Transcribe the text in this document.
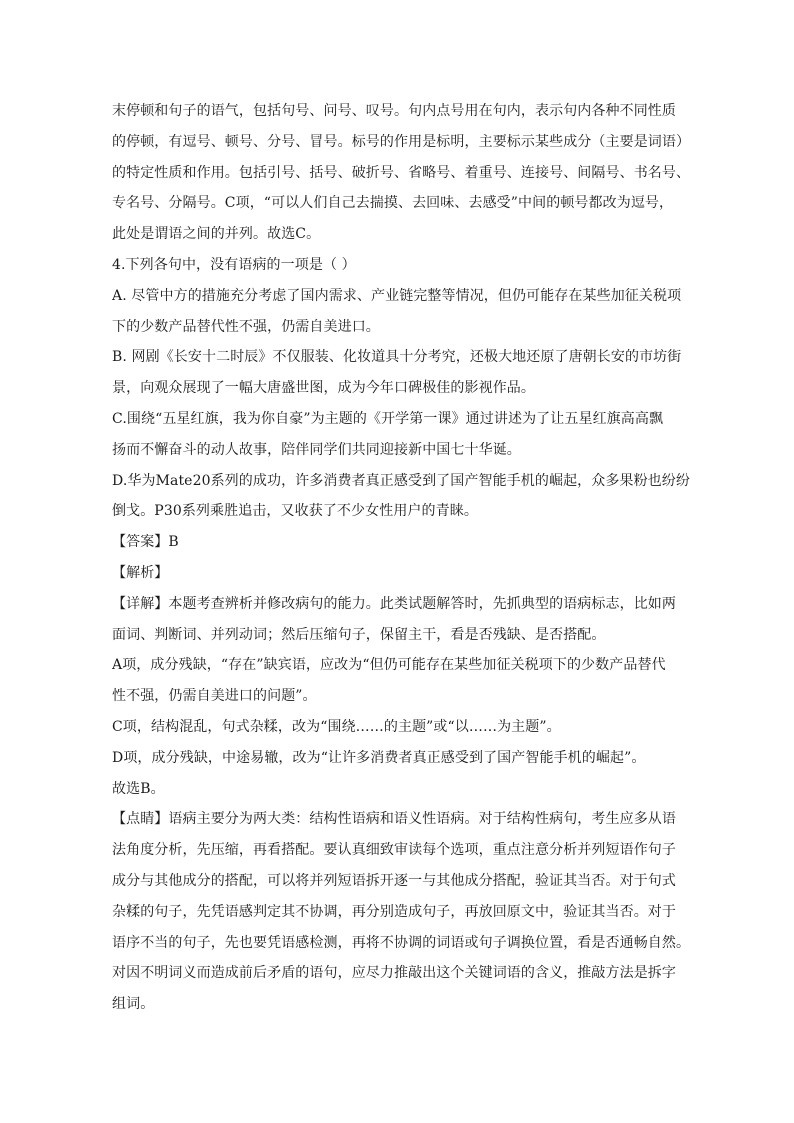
末停顿和句子的语气，包括句号、问号、叹号。句内点号用在句内，表示句内各种不同性质

的停顿，有逗号、顿号、分号、冒号。标号的作用是标明，主要标示某些成分（主要是词语）

的特定性质和作用。包括引号、括号、破折号、省略号、着重号、连接号、间隔号、书名号、

专名号、分隔号。C项，“可以人们自己去揣摸、去回味、去感受”中间的顿号都改为逗号，

此处是谓语之间的并列。故选C。

4.下列各句中，没有语病的一项是（ ）

A. 尽管中方的措施充分考虑了国内需求、产业链完整等情况，但仍可能存在某些加征关税项

下的少数产品替代性不强，仍需自美进口。

B. 网剧《长安十二时辰》不仅服装、化妆道具十分考究，还极大地还原了唐朝长安的市坊街

景，向观众展现了一幅大唐盛世图，成为今年口碑极佳的影视作品。

C.围绕“五星红旗，我为你自豪”为主题的《开学第一课》通过讲述为了让五星红旗高高飘

扬而不懈奋斗的动人故事，陪伴同学们共同迎接新中国七十华诞。

D.华为Mate20系列的成功，许多消费者真正感受到了国产智能手机的崛起，众多果粉也纷纷

倒戈。P30系列乘胜追击，又收获了不少女性用户的青睐。

【答案】B

【解析】

【详解】本题考查辨析并修改病句的能力。此类试题解答时，先抓典型的语病标志，比如两

面词、判断词、并列动词；然后压缩句子，保留主干，看是否残缺、是否搭配。

A项，成分残缺，“存在”缺宾语，应改为“但仍可能存在某些加征关税项下的少数产品替代

性不强，仍需自美进口的问题”。

C项，结构混乱，句式杂糅，改为“围绕……的主题”或“以……为主题”。

D项，成分残缺，中途易辙，改为“让许多消费者真正感受到了国产智能手机的崛起”。

故选B。

【点睛】语病主要分为两大类：结构性语病和语义性语病。对于结构性病句，考生应多从语

法角度分析，先压缩，再看搭配。要认真细致审读每个选项，重点注意分析并列短语作句子

成分与其他成分的搭配，可以将并列短语拆开逐一与其他成分搭配，验证其当否。对于句式

杂糅的句子，先凭语感判定其不协调，再分别造成句子，再放回原文中，验证其当否。对于

语序不当的句子，先也要凭语感检测，再将不协调的词语或句子调换位置，看是否通畅自然。

对因不明词义而造成前后矛盾的语句，应尽力推敲出这个关键词语的含义，推敲方法是拆字

组词。
